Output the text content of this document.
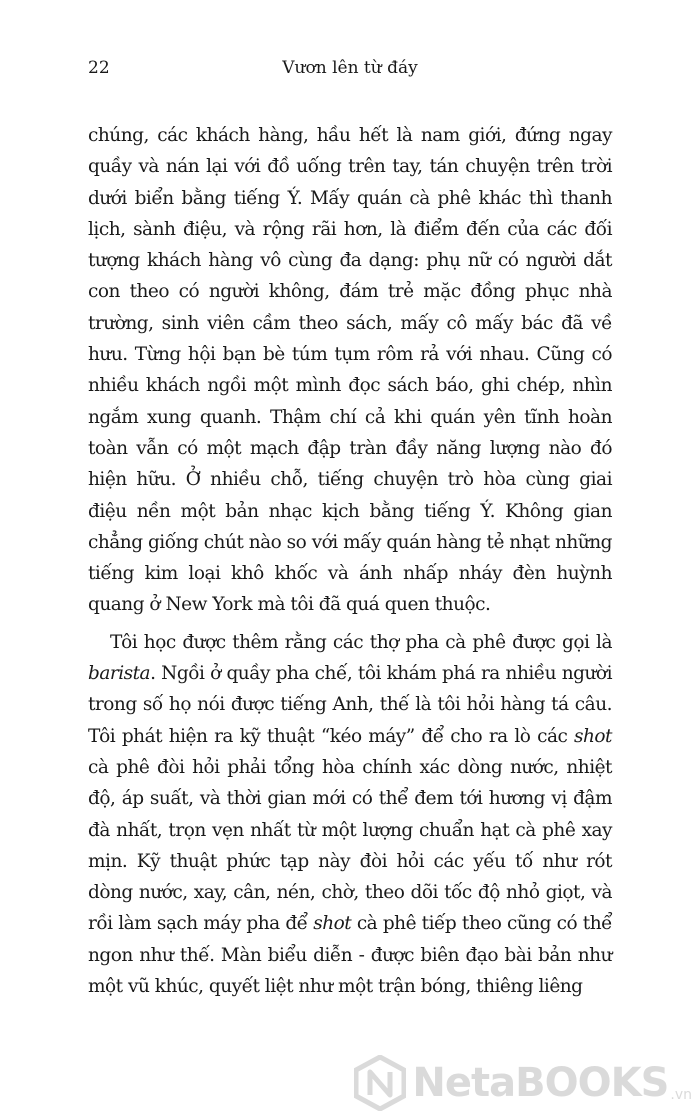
22	Vươn lên từ đáy

chúng, các khách hàng, hầu hết là nam giới, đứng ngay quầy và nán lại với đồ uống trên tay, tán chuyện trên trời dưới biển bằng tiếng Ý. Mấy quán cà phê khác thì thanh lịch, sành điệu, và rộng rãi hơn, là điểm đến của các đối tượng khách hàng vô cùng đa dạng: phụ nữ có người dắt con theo có người không, đám trẻ mặc đồng phục nhà trường, sinh viên cầm theo sách, mấy cô mấy bác đã về hưu. Từng hội bạn bè túm tụm rôm rả với nhau. Cũng có nhiều khách ngồi một mình đọc sách báo, ghi chép, nhìn ngắm xung quanh. Thậm chí cả khi quán yên tĩnh hoàn toàn vẫn có một mạch đập tràn đầy năng lượng nào đó hiện hữu. Ở nhiều chỗ, tiếng chuyện trò hòa cùng giai điệu nền một bản nhạc kịch bằng tiếng Ý. Không gian chẳng giống chút nào so với mấy quán hàng tẻ nhạt những tiếng kim loại khô khốc và ánh nhấp nháy đèn huỳnh quang ở New York mà tôi đã quá quen thuộc.

Tôi học được thêm rằng các thợ pha cà phê được gọi là barista. Ngồi ở quầy pha chế, tôi khám phá ra nhiều người trong số họ nói được tiếng Anh, thế là tôi hỏi hàng tá câu. Tôi phát hiện ra kỹ thuật “kéo máy” để cho ra lò các shot cà phê đòi hỏi phải tổng hòa chính xác dòng nước, nhiệt độ, áp suất, và thời gian mới có thể đem tới hương vị đậm đà nhất, trọn vẹn nhất từ một lượng chuẩn hạt cà phê xay mịn. Kỹ thuật phức tạp này đòi hỏi các yếu tố như rót dòng nước, xay, cân, nén, chờ, theo dõi tốc độ nhỏ giọt, và rồi làm sạch máy pha để shot cà phê tiếp theo cũng có thể ngon như thế. Màn biểu diễn - được biên đạo bài bản như một vũ khúc, quyết liệt như một trận bóng, thiêng liêng

NetaBOOKS .vn
